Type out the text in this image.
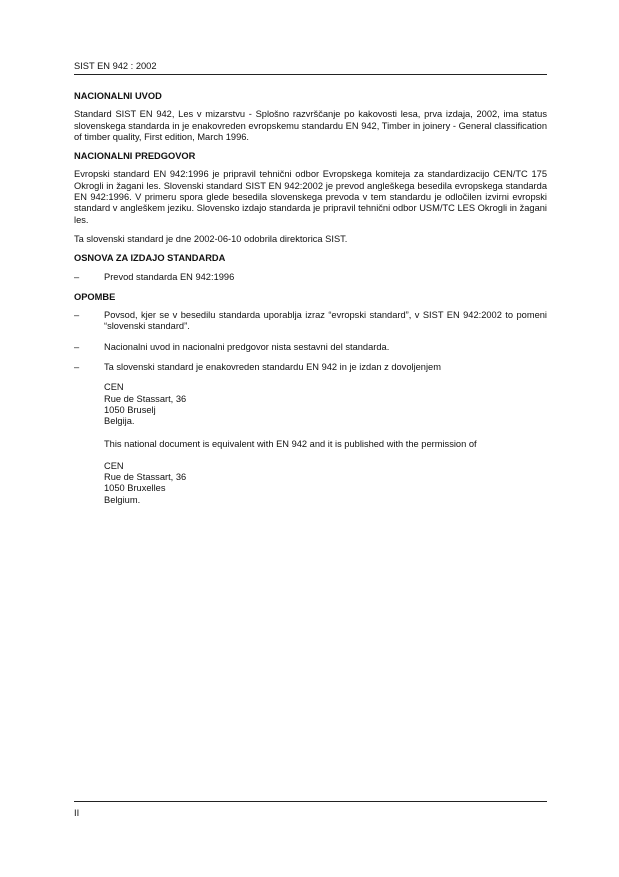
SIST EN 942 : 2002
NACIONALNI UVOD

Standard SIST EN 942, Les v mizarstvu - Splošno razvrščanje po kakovosti lesa, prva izdaja, 2002, ima status slovenskega standarda in je enakovreden evropskemu standardu EN 942, Timber in joinery - General classification of timber quality, First edition, March 1996.

NACIONALNI PREDGOVOR

Evropski standard EN 942:1996 je pripravil tehnični odbor Evropskega komiteja za standardizacijo CEN/TC 175 Okrogli in žagani les. Slovenski standard SIST EN 942:2002 je prevod angleškega besedila evropskega standarda EN 942:1996. V primeru spora glede besedila slovenskega prevoda v tem standardu je odločilen izvirni evropski standard v angleškem jeziku. Slovensko izdajo standarda je pripravil tehnični odbor USM/TC LES Okrogli in žagani les.

Ta slovenski standard je dne 2002-06-10 odobrila direktorica SIST.

OSNOVA ZA IZDAJO STANDARDA
–	Prevod standarda EN 942:1996
OPOMBE
–	Povsod, kjer se v besedilu standarda uporablja izraz “evropski standard”, v SIST EN 942:2002 to pomeni “slovenski standard”.
–	Nacionalni uvod in nacionalni predgovor nista sestavni del standarda.
–	Ta slovenski standard je enakovreden standardu EN 942 in je izdan z dovoljenjem
CEN
Rue de Stassart, 36
1050 Bruselj
Belgija.
This national document is equivalent with EN 942 and it is published with the permission of
CEN
Rue de Stassart, 36
1050 Bruxelles
Belgium.
II
